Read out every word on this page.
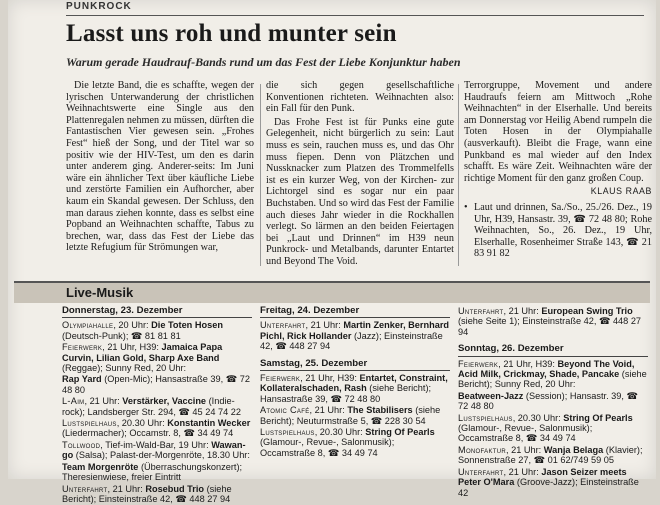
PUNKROCK
Lasst uns roh und munter sein
Warum gerade Haudrauf-Bands rund um das Fest der Liebe Konjunktur haben

Die letzte Band, die es schaffte, wegen der lyrischen Unterwanderung der christlichen Weihnachtswerte eine Single aus den Plattenregalen nehmen zu müssen, dürften die Fantastischen Vier gewesen sein. „Frohes Fest“ hieß der Song, und der Titel war so positiv wie der HIV-Test, um den es darin unter anderem ging. Anderer-seits: Im Juni wäre ein ähnlicher Text über käufliche Liebe und zerstörte Familien ein Aufhorcher, aber kaum ein Skandal gewesen. Der Schluss, den man daraus ziehen konnte, dass es selbst eine Popband an Weihnachten schaffte, Tabus zu brechen, war, dass das Fest der Liebe das letzte Refugium für Strömungen war,

die sich gegen gesellschaftliche Konventionen richteten. Weihnachten also: ein Fall für den Punk.

Das Frohe Fest ist für Punks eine gute Gelegenheit, nicht bürgerlich zu sein: Laut muss es sein, rauchen muss es, und das Ohr muss fiepen. Denn von Plätzchen und Nussknacker zum Platzen des Trommelfells ist es ein kurzer Weg, von der Kirchen- zur Lichtorgel sind es sogar nur ein paar Buchstaben. Und so wird das Fest der Familie auch dieses Jahr wieder in die Rockhallen verlegt. So lärmen an den beiden Feiertagen bei „Laut und Drinnen“ im H39 neun Punkrock- und Metalbands, darunter Entartet und Beyond The Void.

Terrorgruppe, Movement und andere Haudraufs feiern am Mittwoch „Rohe Weihnachten“ in der Elserhalle. Und bereits am Donnerstag vor Heilig Abend rumpeln die Toten Hosen in der Olympiahalle (ausverkauft). Bleibt die Frage, wann eine Punkband es mal wieder auf den Index schafft. Es wäre Zeit. Weihnachten wäre der richtige Moment für den ganz großen Coup.

KLAUS RAAB
• Laut und drinnen, Sa./So., 25./26. Dez., 19 Uhr, H39, Hansastr. 39, ☎ 72 48 80; Rohe Weihnachten, So., 26. Dez., 19 Uhr, Elserhalle, Rosenheimer Straße 143, ☎ 21 83 91 82
Live-Musik
Donnerstag, 23. Dezember
Olympiahalle, 20 Uhr: Die Toten Hosen (Deutsch-Punk); ☎ 81 81 81
Feierwerk, 21 Uhr, H39: Jamaica Papa Curvin, Lilian Gold, Sharp Axe Band (Reggae); Sunny Red, 20 Uhr:
Rap Yard (Open-Mic); Hansastraße 39, ☎ 72 48 80
L-Aim, 21 Uhr: Verstärker, Vaccine (Indie-rock); Landsberger Str. 294, ☎ 45 24 74 22
Lustspielhaus, 20.30 Uhr: Konstantin Wecker (Liedermacher); Occamstr. 8, ☎ 34 49 74
Tollwood, Tief-im-Wald-Bar, 19 Uhr: Wawan-go (Salsa); Palast-der-Morgenröte, 18.30 Uhr:
Team Morgenröte (Überraschungskonzert); Theresienwiese, freier Eintritt
Unterfahrt, 21 Uhr: Rosebud Trio (siehe Bericht); Einsteinstraße 42, ☎ 448 27 94
Freitag, 24. Dezember
Unterfahrt, 21 Uhr: Martin Zenker, Bernhard Pichl, Rick Hollander (Jazz); Einsteinstraße 42, ☎ 448 27 94
Samstag, 25. Dezember
Feierwerk, 21 Uhr, H39: Entartet, Constraint, Kollateralschaden, Rash (siehe Bericht); Hansastraße 39, ☎ 72 48 80
Atomic Café, 21 Uhr: The Stabilisers (siehe Bericht); Neuturmstraße 5, ☎ 228 30 54
Lustspielhaus, 20.30 Uhr: String Of Pearls (Glamour-, Revue-, Salonmusik); Occamstraße 8, ☎ 34 49 74
Unterfahrt, 21 Uhr: European Swing Trio (siehe Seite 1); Einsteinstraße 42, ☎ 448 27 94
Sonntag, 26. Dezember
Feierwerk, 21 Uhr, H39: Beyond The Void, Acid Milk, Crickmay, Shade, Pancake (siehe Bericht); Sunny Red, 20 Uhr:
Beatween-Jazz (Session); Hansastr. 39, ☎ 72 48 80
Lustspielhaus, 20.30 Uhr: String Of Pearls (Glamour-, Revue-, Salonmusik); Occamstraße 8, ☎ 34 49 74
Monofaktur, 21 Uhr: Wanja Belaga (Klavier); Sonnenstraße 27, ☎ 01 62/749 59 05
Unterfahrt, 21 Uhr: Jason Seizer meets Peter O'Mara (Groove-Jazz); Einsteinstraße 42
